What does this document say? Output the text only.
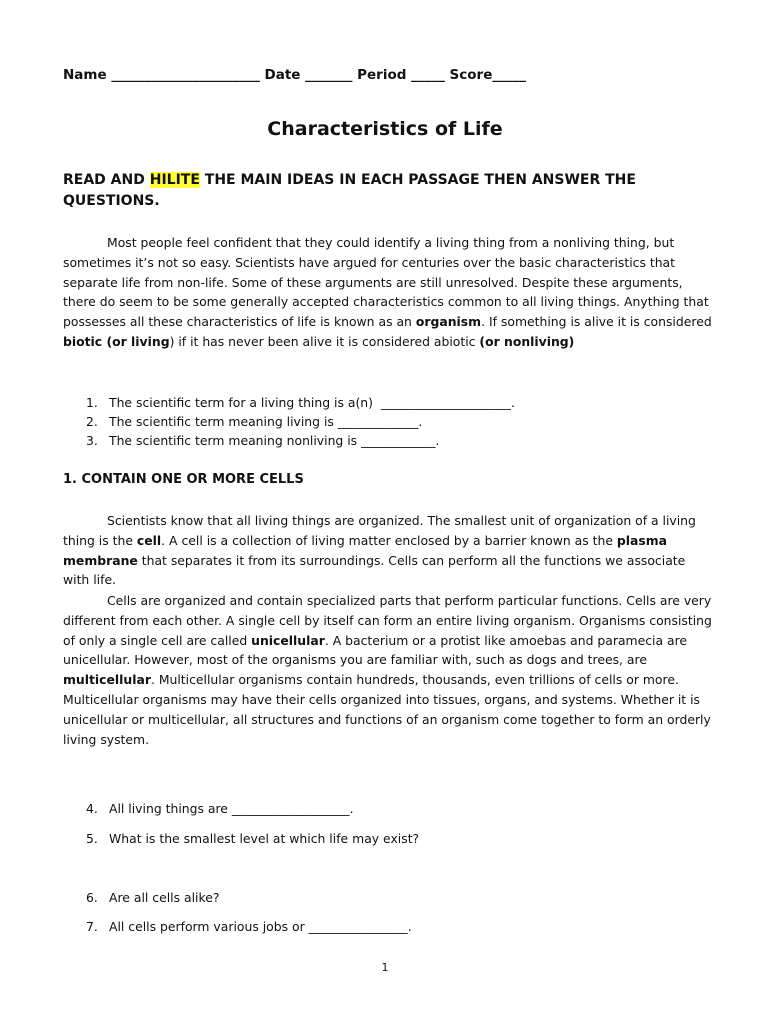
Name ______________________ Date _______ Period _____ Score_____
Characteristics of Life
READ AND HILITE THE MAIN IDEAS IN EACH PASSAGE THEN ANSWER THE QUESTIONS.
Most people feel confident that they could identify a living thing from a nonliving thing, but sometimes it’s not so easy. Scientists have argued for centuries over the basic characteristics that separate life from non-life. Some of these arguments are still unresolved. Despite these arguments, there do seem to be some generally accepted characteristics common to all living things. Anything that possesses all these characteristics of life is known as an organism. If something is alive it is considered biotic (or living) if it has never been alive it is considered abiotic (or nonliving)
1. The scientific term for a living thing is a(n)  _____________________.
2. The scientific term meaning living is _____________.
3. The scientific term meaning nonliving is ____________.
1. CONTAIN ONE OR MORE CELLS
Scientists know that all living things are organized. The smallest unit of organization of a living thing is the cell. A cell is a collection of living matter enclosed by a barrier known as the plasma membrane that separates it from its surroundings. Cells can perform all the functions we associate with life.
Cells are organized and contain specialized parts that perform particular functions. Cells are very different from each other. A single cell by itself can form an entire living organism. Organisms consisting of only a single cell are called unicellular. A bacterium or a protist like amoebas and paramecia are unicellular. However, most of the organisms you are familiar with, such as dogs and trees, are multicellular. Multicellular organisms contain hundreds, thousands, even trillions of cells or more. Multicellular organisms may have their cells organized into tissues, organs, and systems. Whether it is unicellular or multicellular, all structures and functions of an organism come together to form an orderly living system.
4. All living things are ___________________.
5. What is the smallest level at which life may exist?
6. Are all cells alike?
7. All cells perform various jobs or ________________.
1
